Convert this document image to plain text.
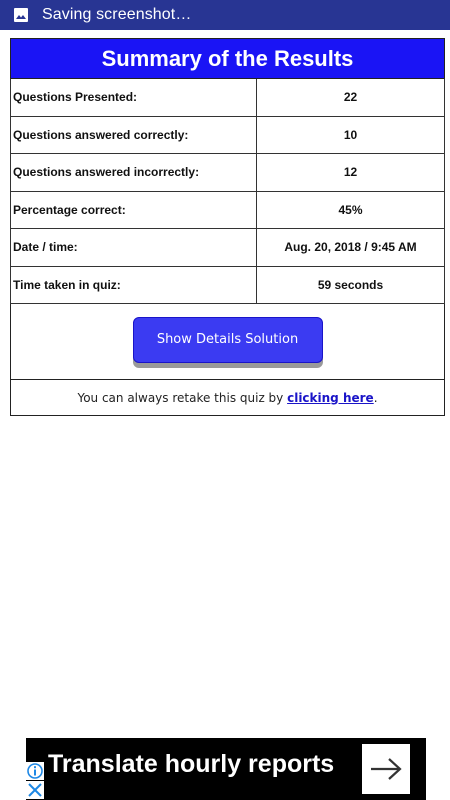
Saving screenshot…
Summary of the Results	
Questions Presented:	22
Questions answered correctly:	10
Questions answered incorrectly:	12
Percentage correct:	45%
Date / time:	Aug. 20, 2018 / 9:45 AM
Time taken in quiz:	59 seconds
Show Details Solution	
You can always retake this quiz by clicking here.	
Translate hourly reports
